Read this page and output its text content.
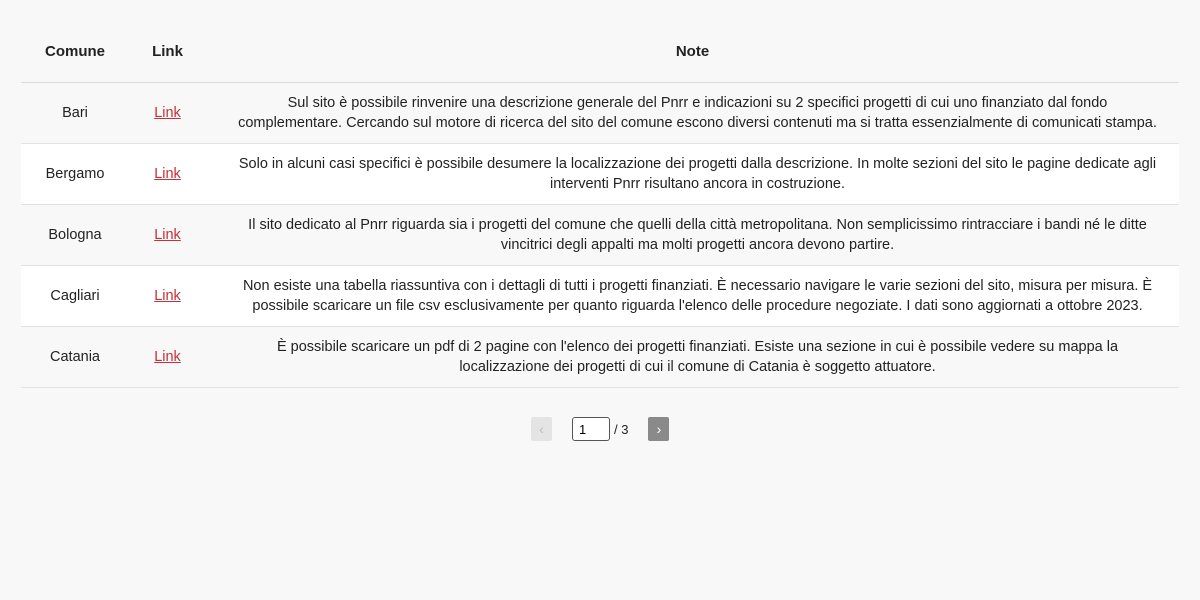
Comune	Link	Note
Bari	Link	Sul sito è possibile rinvenire una descrizione generale del Pnrr e indicazioni su 2 specifici progetti di cui uno finanziato dal fondo complementare. Cercando sul motore di ricerca del sito del comune escono diversi contenuti ma si tratta essenzialmente di comunicati stampa.
Bergamo	Link	Solo in alcuni casi specifici è possibile desumere la localizzazione dei progetti dalla descrizione. In molte sezioni del sito le pagine dedicate agli interventi Pnrr risultano ancora in costruzione.
Bologna	Link	Il sito dedicato al Pnrr riguarda sia i progetti del comune che quelli della città metropolitana. Non semplicissimo rintracciare i bandi né le ditte vincitrici degli appalti ma molti progetti ancora devono partire.
Cagliari	Link	Non esiste una tabella riassuntiva con i dettagli di tutti i progetti finanziati. È necessario navigare le varie sezioni del sito, misura per misura. È possibile scaricare un file csv esclusivamente per quanto riguarda l'elenco delle procedure negoziate. I dati sono aggiornati a ottobre 2023.
Catania	Link	È possibile scaricare un pdf di 2 pagine con l'elenco dei progetti finanziati. Esiste una sezione in cui è possibile vedere su mappa la localizzazione dei progetti di cui il comune di Catania è soggetto attuatore.
‹
1	/ 3 ›
